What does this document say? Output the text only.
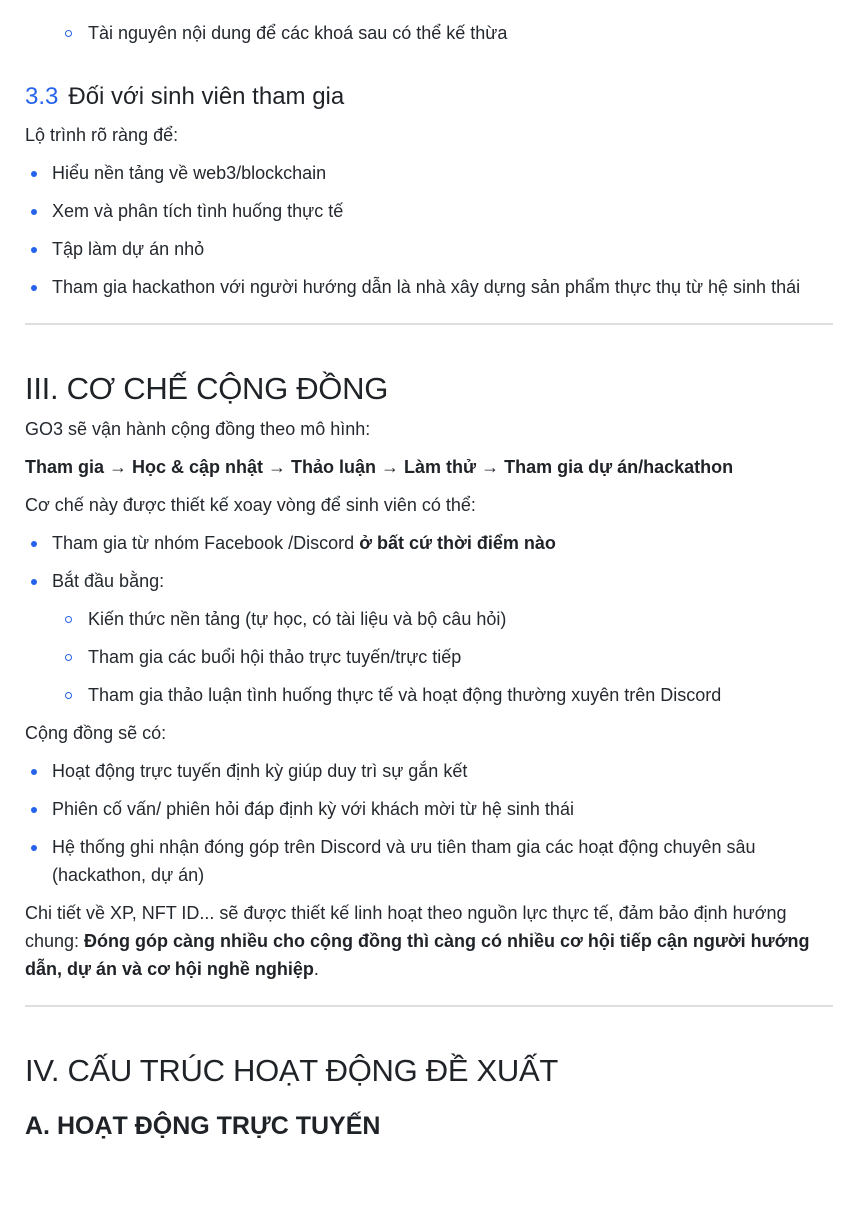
Tài nguyên nội dung để các khoá sau có thể kế thừa
3.3 Đối với sinh viên tham gia

Lộ trình rõ ràng để:

Hiểu nền tảng về web3/blockchain
Xem và phân tích tình huống thực tế
Tập làm dự án nhỏ
Tham gia hackathon với người hướng dẫn là nhà xây dựng sản phẩm thực thụ từ hệ sinh thái
III. CƠ CHẾ CỘNG ĐỒNG

GO3 sẽ vận hành cộng đồng theo mô hình:

Tham gia → Học & cập nhật → Thảo luận → Làm thử → Tham gia dự án/hackathon

Cơ chế này được thiết kế xoay vòng để sinh viên có thể:

Tham gia từ nhóm Facebook /Discord ở bất cứ thời điểm nào
Bắt đầu bằng:
Kiến thức nền tảng (tự học, có tài liệu và bộ câu hỏi)
Tham gia các buổi hội thảo trực tuyến/trực tiếp
Tham gia thảo luận tình huống thực tế và hoạt động thường xuyên trên Discord

Cộng đồng sẽ có:

Hoạt động trực tuyến định kỳ giúp duy trì sự gắn kết
Phiên cố vấn/ phiên hỏi đáp định kỳ với khách mời từ hệ sinh thái
Hệ thống ghi nhận đóng góp trên Discord và ưu tiên tham gia các hoạt động chuyên sâu (hackathon, dự án)

Chi tiết về XP, NFT ID... sẽ được thiết kế linh hoạt theo nguồn lực thực tế, đảm bảo định hướng chung: Đóng góp càng nhiều cho cộng đồng thì càng có nhiều cơ hội tiếp cận người hướng dẫn, dự án và cơ hội nghề nghiệp.

IV. CẤU TRÚC HOẠT ĐỘNG ĐỀ XUẤT
A. HOẠT ĐỘNG TRỰC TUYẾN
